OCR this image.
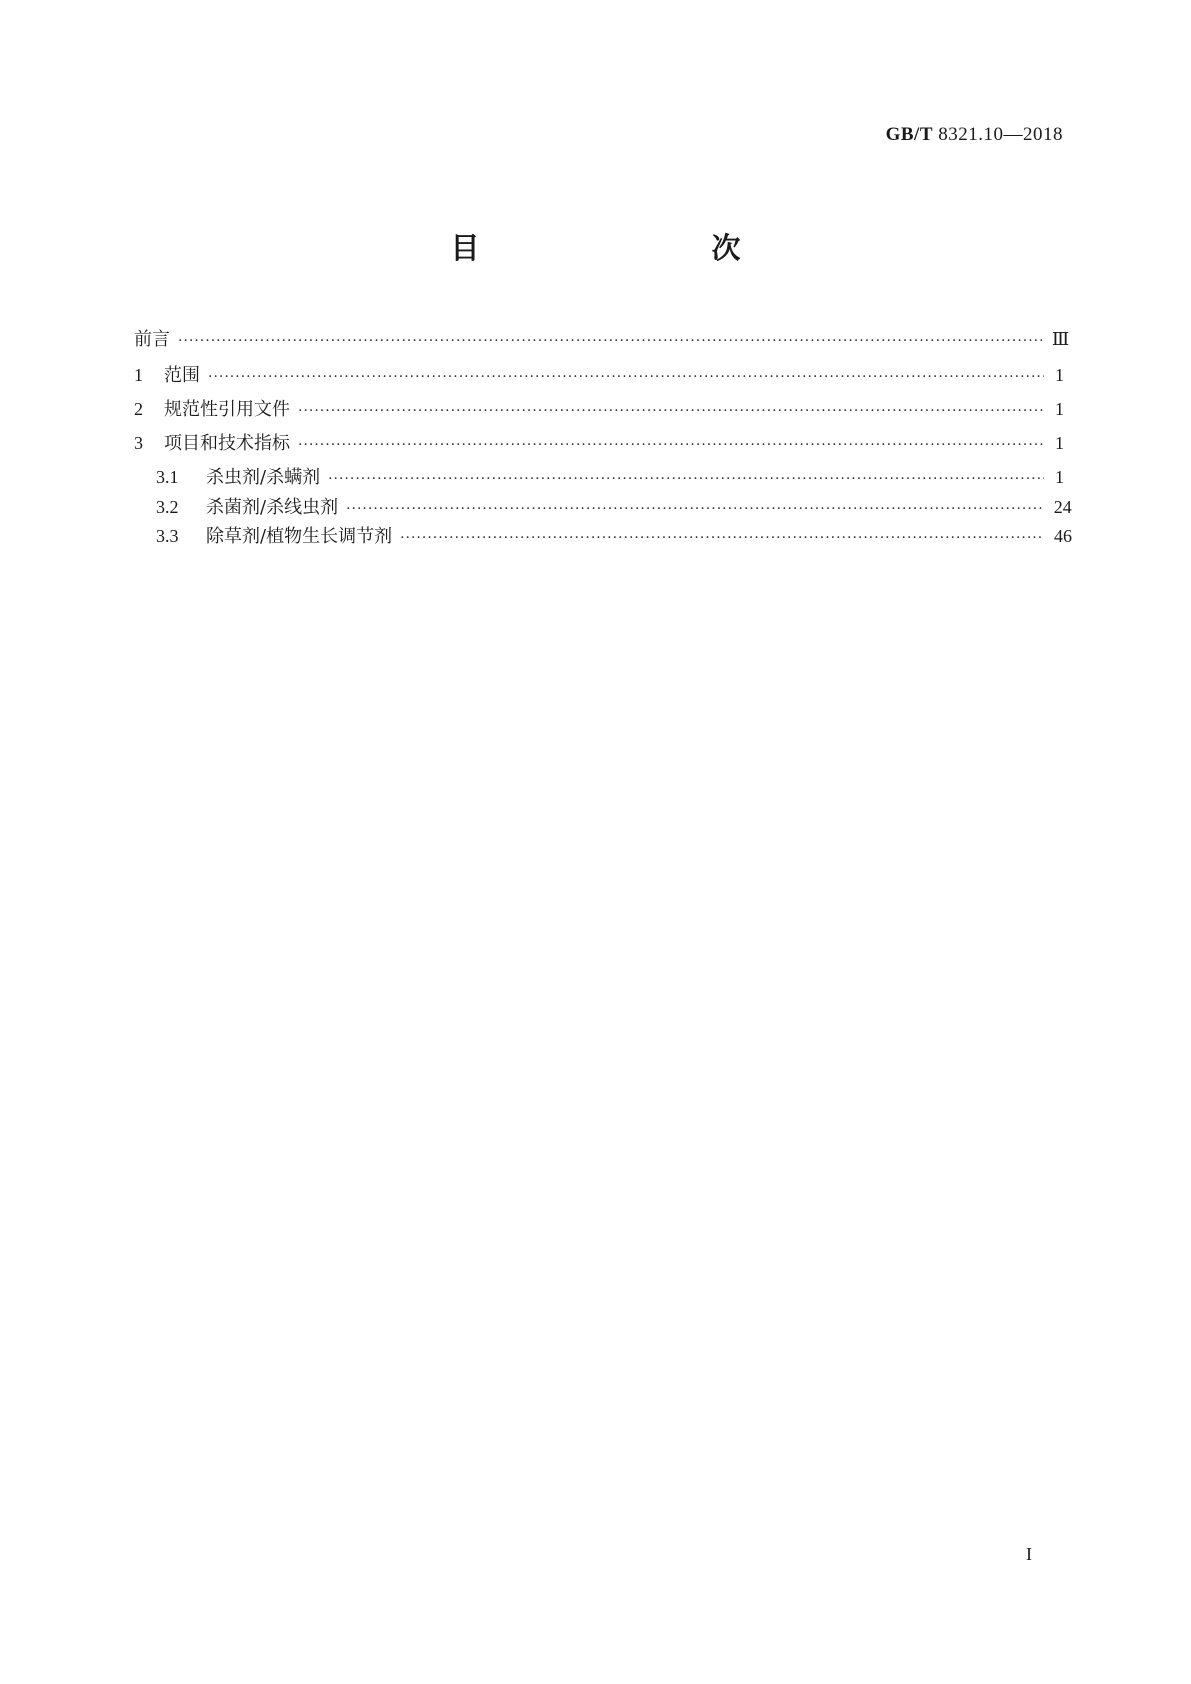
GB/T 8321.10—2018
目　　次
前言 ·····	Ⅲ
1	范围 ·····	1
2	规范性引用文件 ·····	1
3	项目和技术指标 ·····	1
3.1	杀虫剂/杀螨剂 ·····	1
3.2	杀菌剂/杀线虫剂 ·····	24
3.3	除草剂/植物生长调节剂 ·····	46
I
